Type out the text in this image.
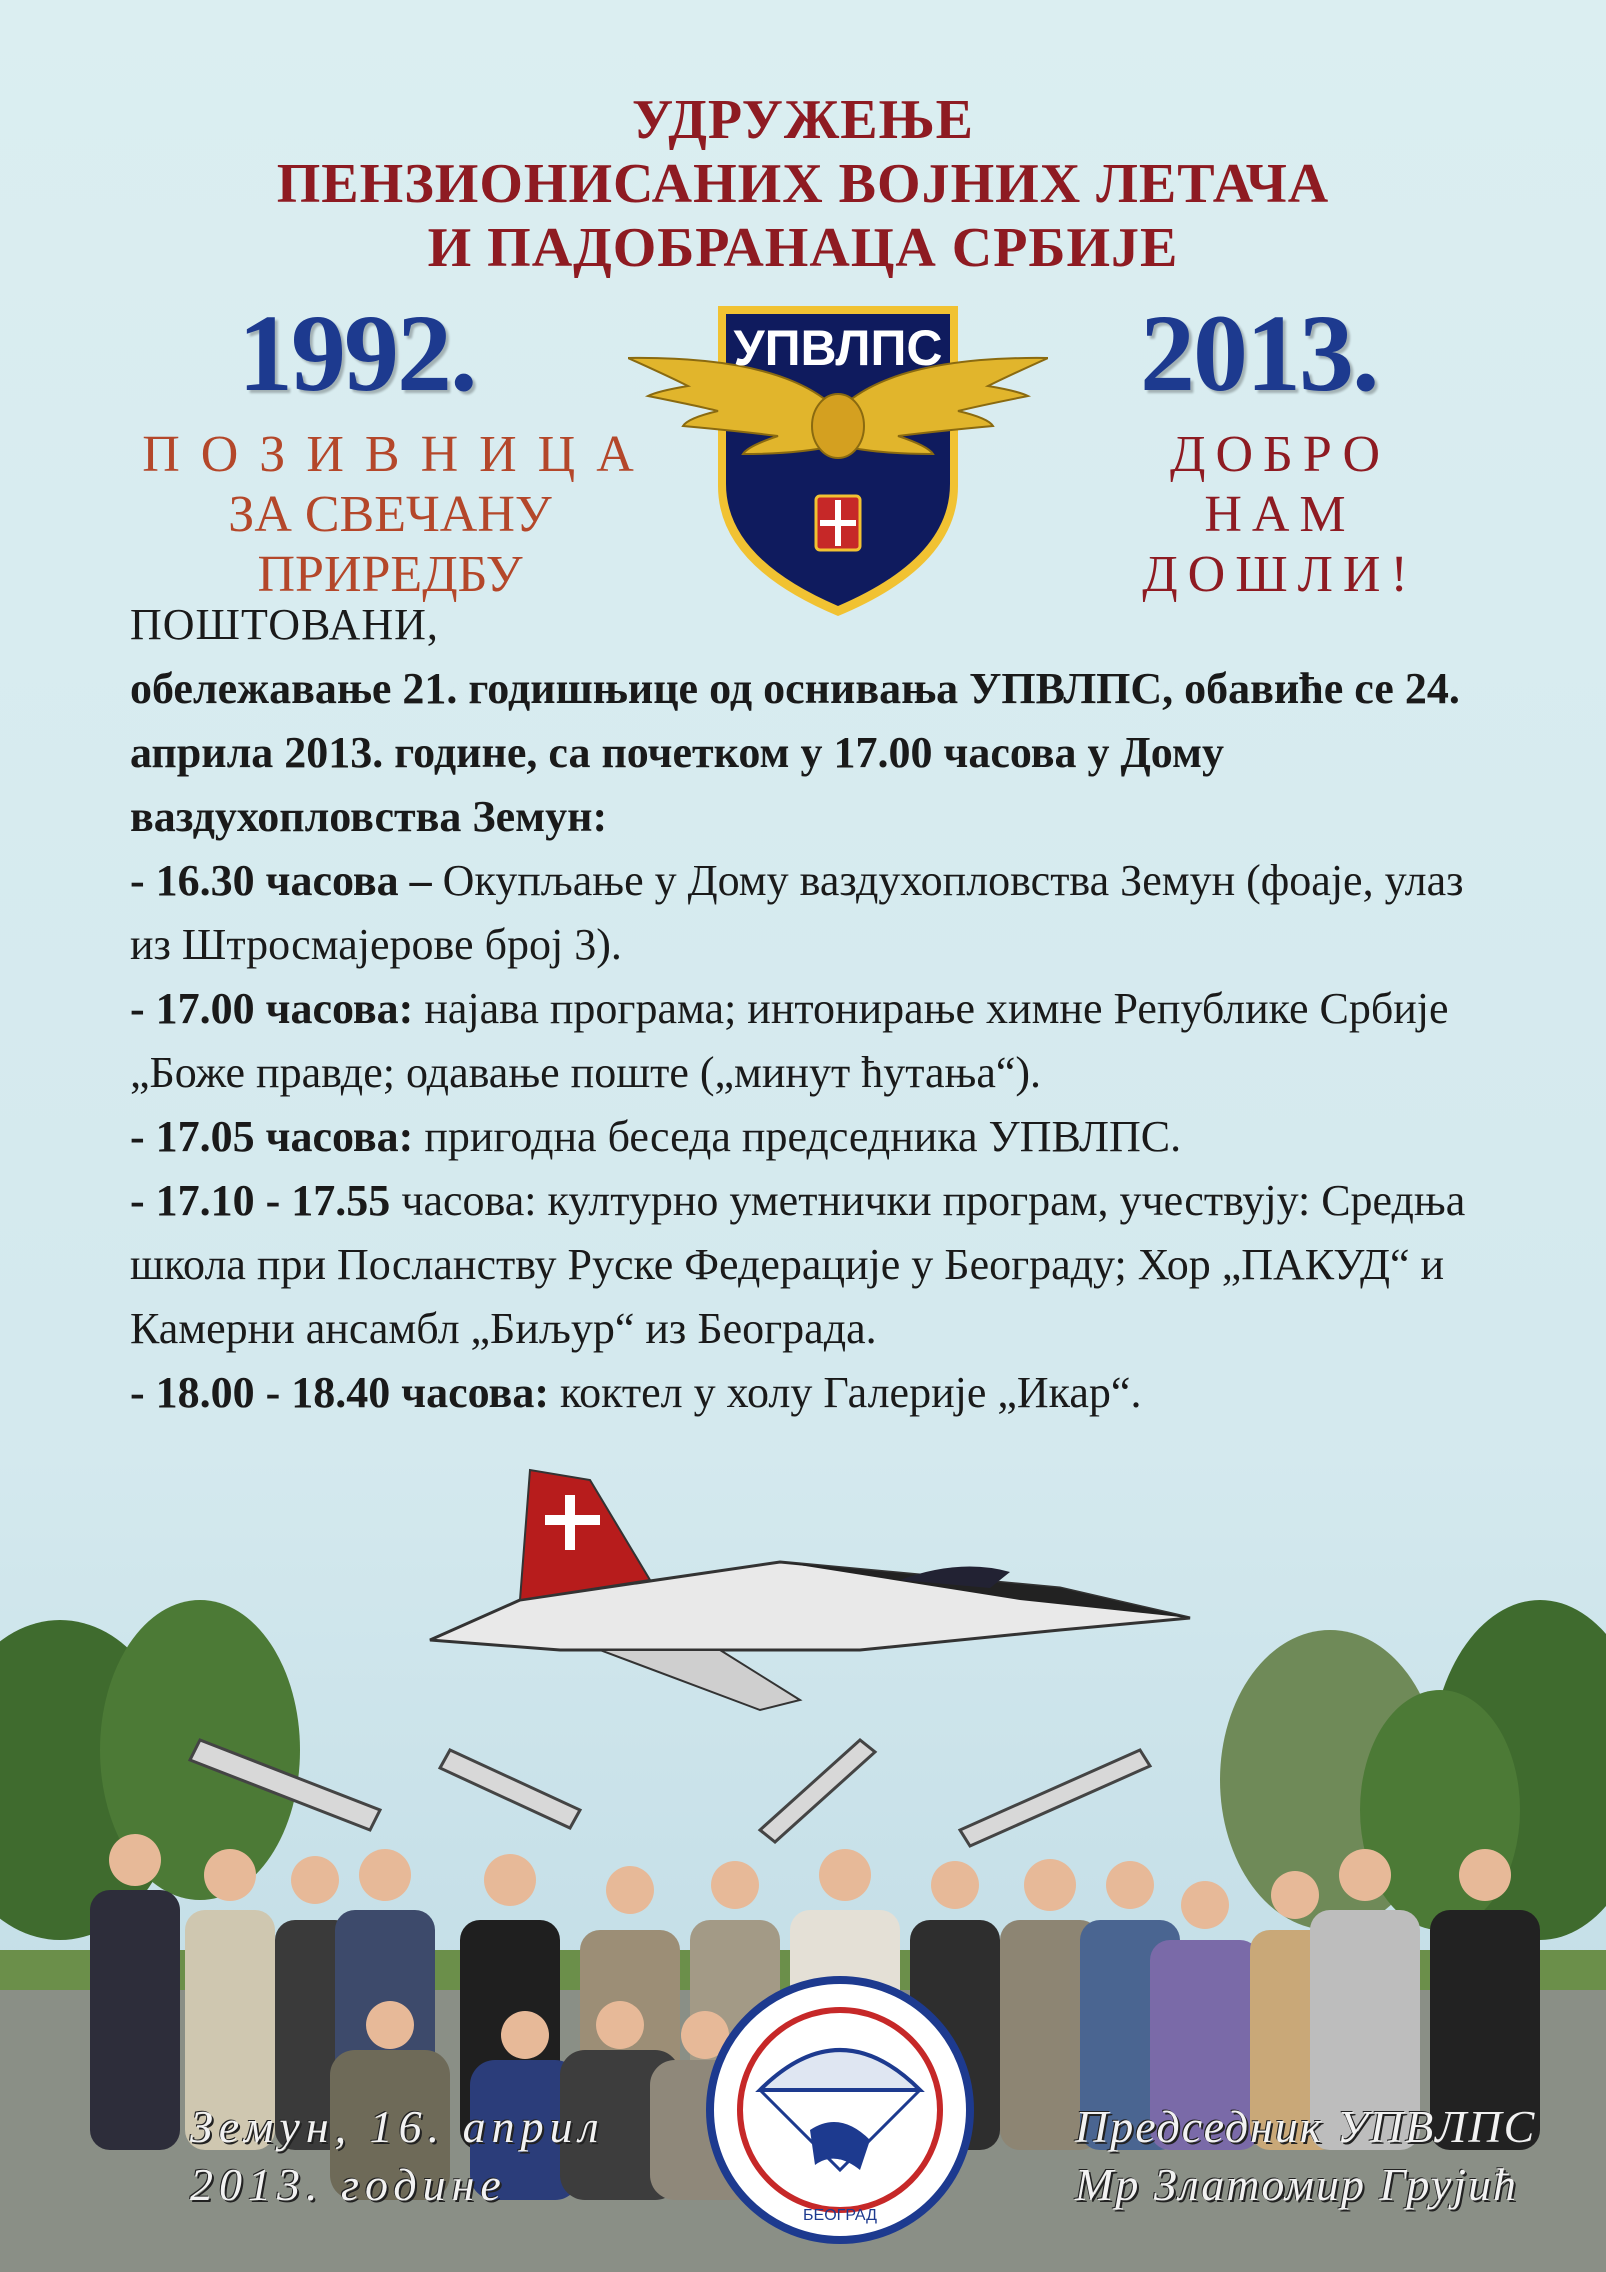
УДРУЖЕЊЕ
ПЕНЗИОНИСАНИХ ВОЈНИХ ЛЕТАЧА
И ПАДОБРАНАЦА СРБИЈЕ
1992.	2013.
П О З И В Н И Ц А
ЗА СВЕЧАНУ ПРИРЕДБУ
ДОБРО НАМ
ДОШЛИ!
УПВЛПС

ПОШТОВАНИ,

обележавање 21. годишњице од оснивања УПВЛПС, обавиће се 24. априла 2013. године, са почетком у 17.00 часова у Дому ваздухопловства Земун:

- 16.30 часова – Окупљање у Дому ваздухопловства Земун (фоаје, улаз из Штросмајерове број 3).

- 17.00 часова: најава програма; интонирање химне Републике Србије „Боже правде; одавање поште („минут ћутања“).

- 17.05 часова: пригодна беседа председника УПВЛПС.

- 17.10 - 17.55 часова: културно уметнички програм, учествују: Средња школа при Посланству Руске Федерације у Београду; Хор „ПАКУД“ и Камерни ансамбл „Биљур“ из Београда.

- 18.00 - 18.40 часова: коктел у холу Галерије „Икар“.

БЕОГРАД
Земун, 16. април
2013. године
Председник УПВЛПС
Мр Златомир Грујић
